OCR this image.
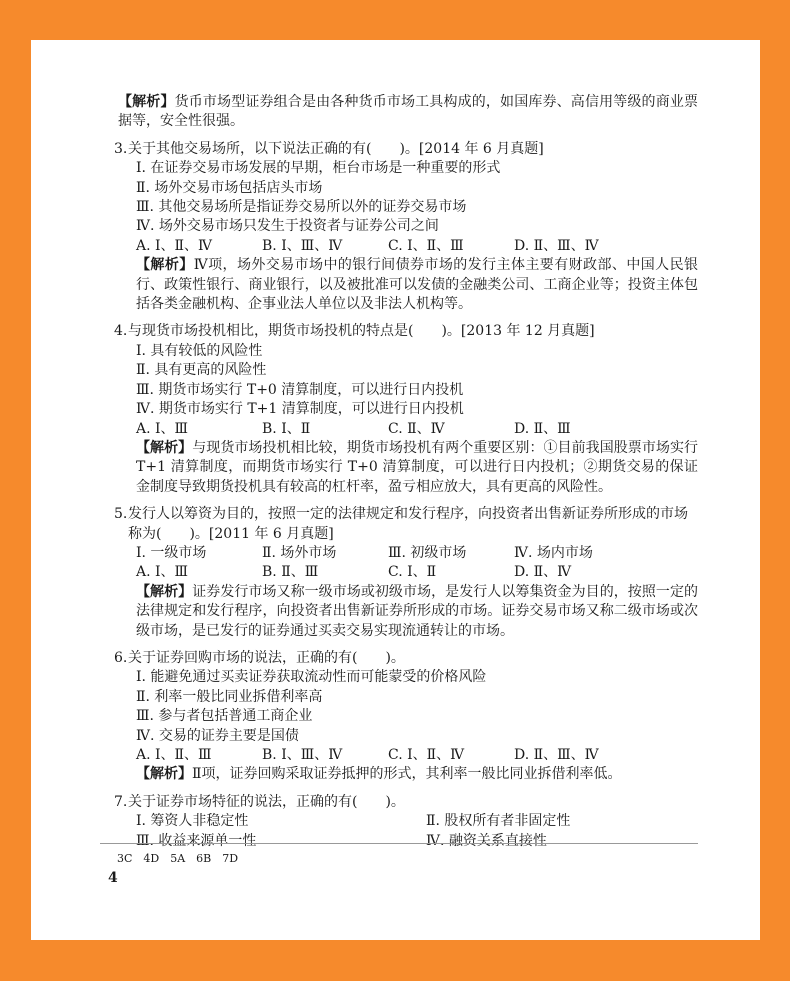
【解析】货币市场型证券组合是由各种货币市场工具构成的，如国库券、高信用等级的商业票据等，安全性很强。
3. 关于其他交易场所，以下说法正确的有(　　)。[2014 年 6 月真题]
Ⅰ. 在证券交易市场发展的早期，柜台市场是一种重要的形式
Ⅱ. 场外交易市场包括店头市场
Ⅲ. 其他交易场所是指证券交易所以外的证券交易市场
Ⅳ. 场外交易市场只发生于投资者与证券公司之间
A. Ⅰ、Ⅱ、Ⅳ	B. Ⅰ、Ⅲ、Ⅳ	C. Ⅰ、Ⅱ、Ⅲ	D. Ⅱ、Ⅲ、Ⅳ
【解析】Ⅳ项，场外交易市场中的银行间债券市场的发行主体主要有财政部、中国人民银行、政策性银行、商业银行，以及被批准可以发债的金融类公司、工商企业等；投资主体包括各类金融机构、企事业法人单位以及非法人机构等。
4. 与现货市场投机相比，期货市场投机的特点是(　　)。[2013 年 12 月真题]
Ⅰ. 具有较低的风险性
Ⅱ. 具有更高的风险性
Ⅲ. 期货市场实行 T+0 清算制度，可以进行日内投机
Ⅳ. 期货市场实行 T+1 清算制度，可以进行日内投机
A. Ⅰ、Ⅲ	B. Ⅰ、Ⅱ	C. Ⅱ、Ⅳ	D. Ⅱ、Ⅲ
【解析】与现货市场投机相比较，期货市场投机有两个重要区别：①目前我国股票市场实行 T+1 清算制度，而期货市场实行 T+0 清算制度，可以进行日内投机；②期货交易的保证金制度导致期货投机具有较高的杠杆率，盈亏相应放大，具有更高的风险性。
5. 发行人以筹资为目的，按照一定的法律规定和发行程序，向投资者出售新证券所形成的市场称为(　　)。[2011 年 6 月真题]
Ⅰ. 一级市场	Ⅱ. 场外市场	Ⅲ. 初级市场	Ⅳ. 场内市场
A. Ⅰ、Ⅲ	B. Ⅱ、Ⅲ	C. Ⅰ、Ⅱ	D. Ⅱ、Ⅳ
【解析】证券发行市场又称一级市场或初级市场，是发行人以筹集资金为目的，按照一定的法律规定和发行程序，向投资者出售新证券所形成的市场。证券交易市场又称二级市场或次级市场，是已发行的证券通过买卖交易实现流通转让的市场。
6. 关于证券回购市场的说法，正确的有(　　)。
Ⅰ. 能避免通过买卖证券获取流动性而可能蒙受的价格风险
Ⅱ. 利率一般比同业拆借利率高
Ⅲ. 参与者包括普通工商企业
Ⅳ. 交易的证券主要是国债
A. Ⅰ、Ⅱ、Ⅲ	B. Ⅰ、Ⅲ、Ⅳ	C. Ⅰ、Ⅱ、Ⅳ	D. Ⅱ、Ⅲ、Ⅳ
【解析】Ⅱ项，证券回购采取证券抵押的形式，其利率一般比同业拆借利率低。
7. 关于证券市场特征的说法，正确的有(　　)。
Ⅰ. 筹资人非稳定性	Ⅱ. 股权所有者非固定性
Ⅲ. 收益来源单一性	Ⅳ. 融资关系直接性
3C　4D　5A　6B　7D
4
